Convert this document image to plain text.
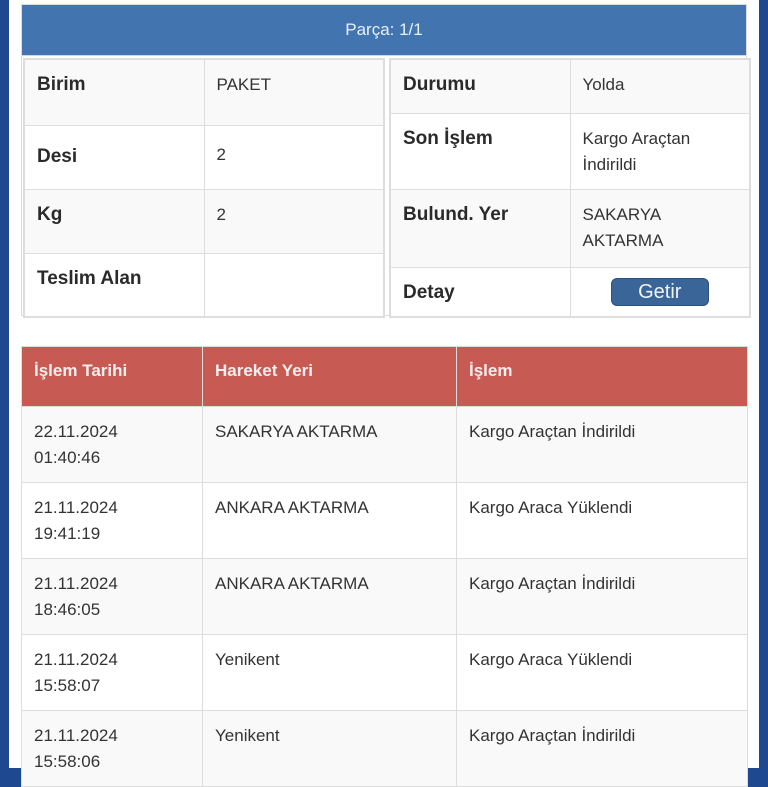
Parça: 1/1
Birim	PAKET
Desi	2
Kg	2
Teslim Alan	
Durumu	Yolda
Son İşlem	Kargo Araçtan İndirildi
Bulund. Yer	SAKARYA AKTARMA
Detay	Getir
İşlem Tarihi	Hareket Yeri	İşlem
22.11.2024
01:40:46	SAKARYA AKTARMA	Kargo Araçtan İndirildi
21.11.2024
19:41:19	ANKARA AKTARMA	Kargo Araca Yüklendi
21.11.2024
18:46:05	ANKARA AKTARMA	Kargo Araçtan İndirildi
21.11.2024
15:58:07	Yenikent	Kargo Araca Yüklendi
21.11.2024
15:58:06	Yenikent	Kargo Araçtan İndirildi
